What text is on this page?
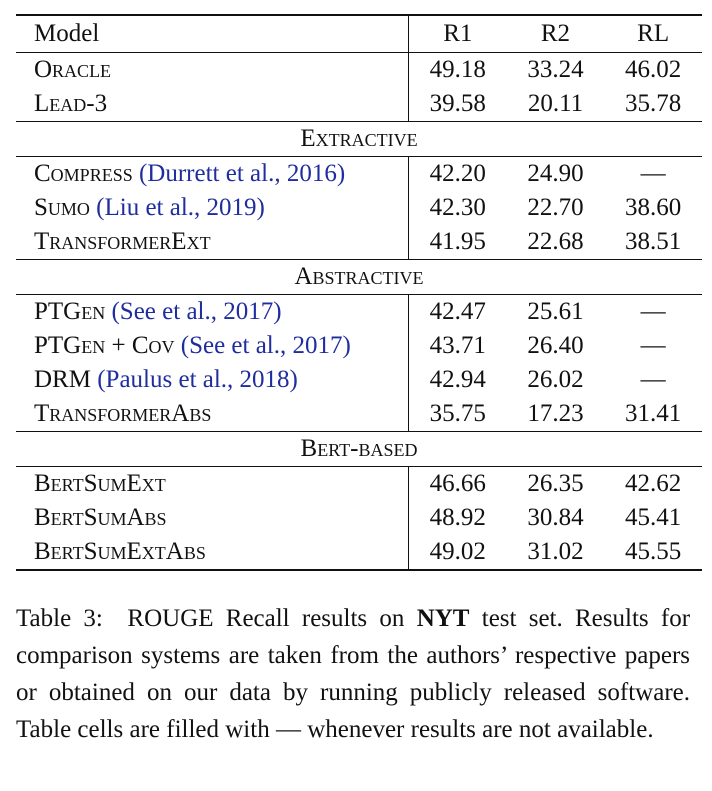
Model	R1	R2	RL
Oracle	49.18	33.24	46.02
Lead-3	39.58	20.11	35.78
Extractive			
Compress (Durrett et al., 2016)	42.20	24.90	—
Sumo (Liu et al., 2019)	42.30	22.70	38.60
TransformerExt	41.95	22.68	38.51
Abstractive			
PTGen (See et al., 2017)	42.47	25.61	—
PTGen + Cov (See et al., 2017)	43.71	26.40	—
DRM (Paulus et al., 2018)	42.94	26.02	—
TransformerAbs	35.75	17.23	31.41
Bert-based			
BertSumExt	46.66	26.35	42.62
BertSumAbs	48.92	30.84	45.41
BertSumExtAbs	49.02	31.02	45.55

Table 3: ROUGE Recall results on NYT test set. Results for comparison systems are taken from the authors’ respective papers or obtained on our data by running publicly released software. Table cells are filled with — whenever results are not available.
